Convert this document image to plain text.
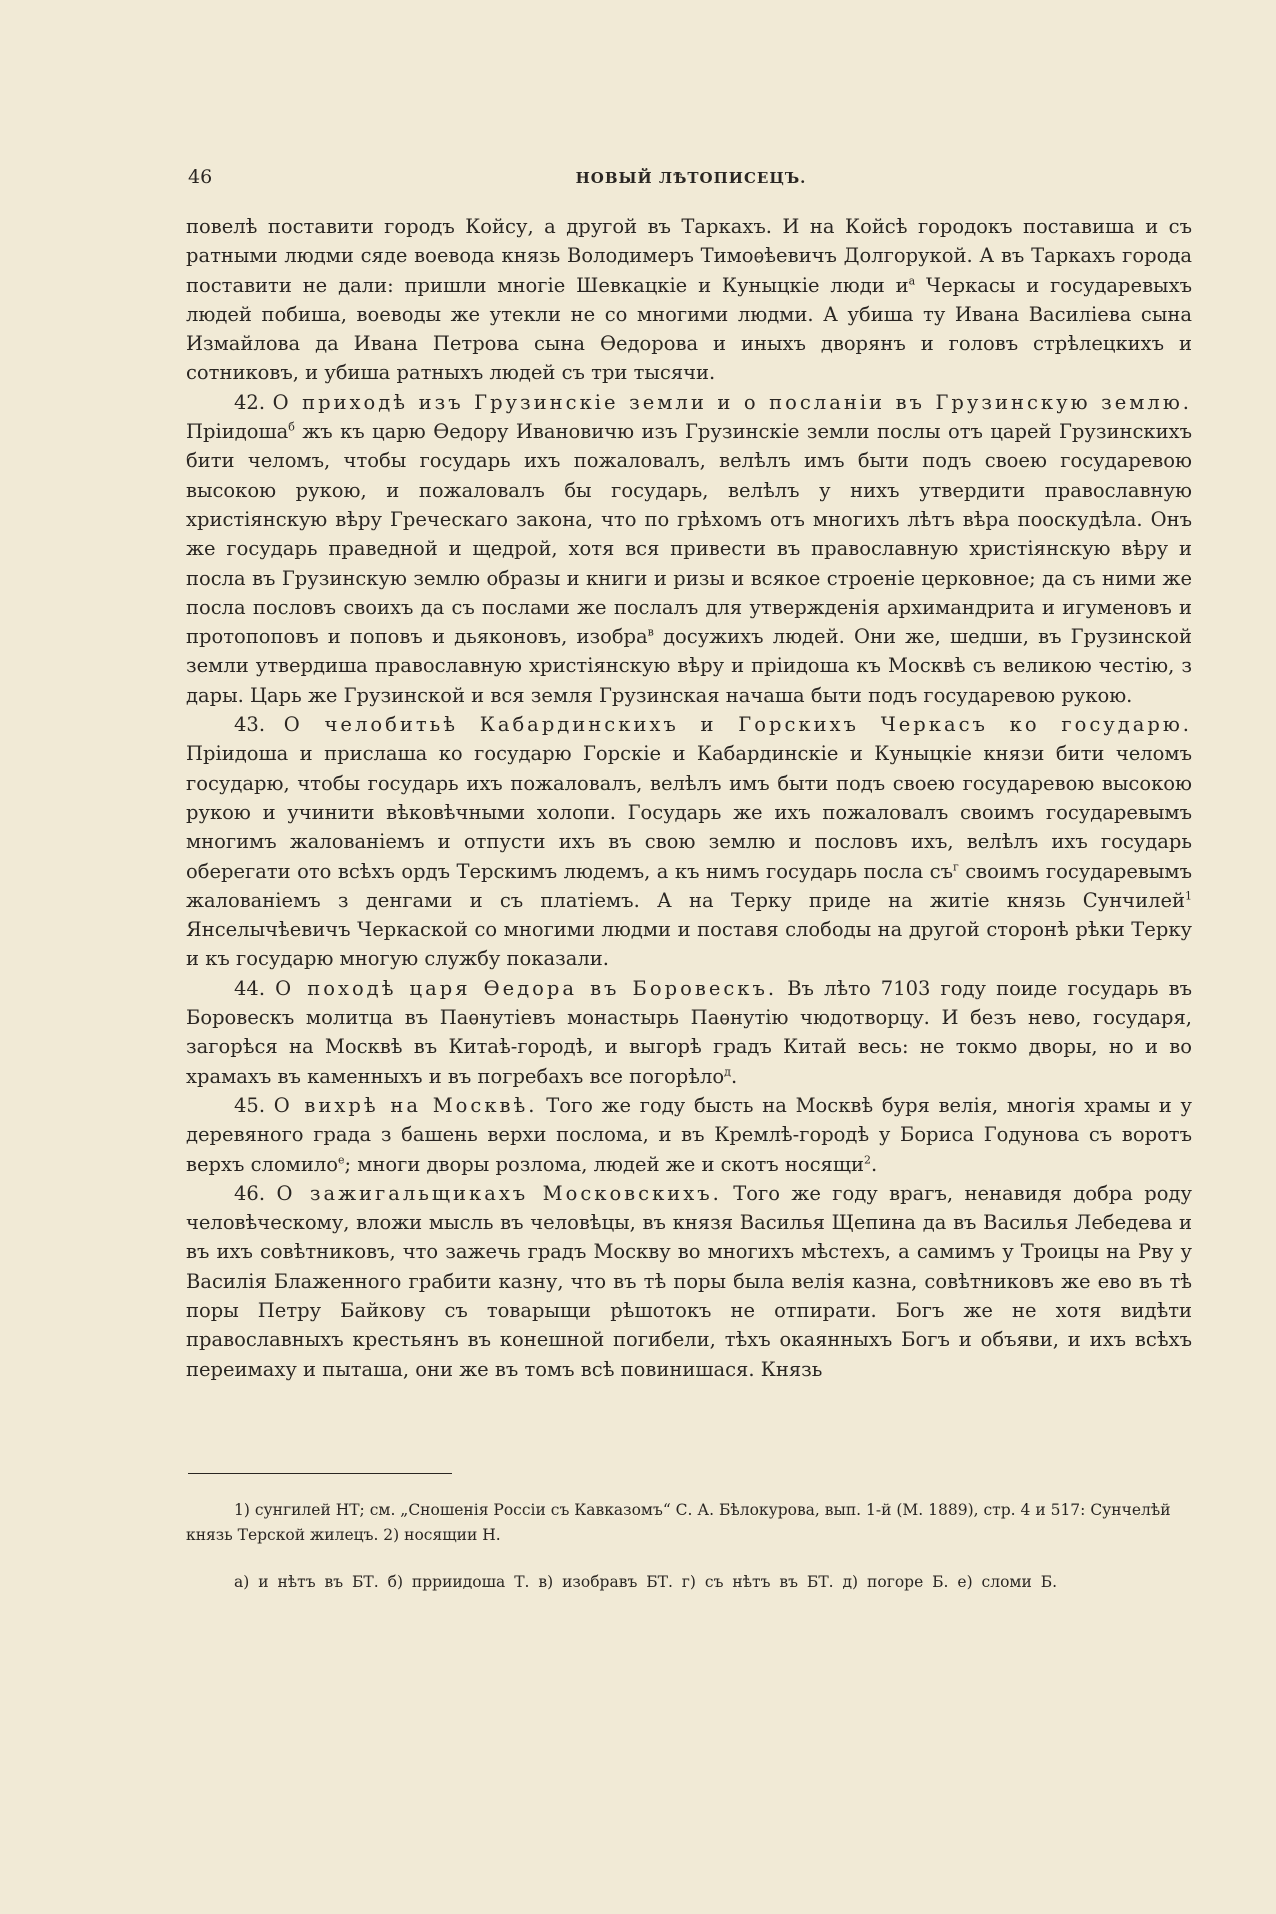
46	НОВЫЙ ЛѢТОПИСЕЦЪ.

повелѣ поставити городъ Койсу, а другой въ Таркахъ. И на Койсѣ городокъ поставиша и съ ратными людми сяде воевода князь Володимеръ Тимоѳѣевичъ Долгорукой. А въ Таркахъ города поставити не дали: пришли многіе Шевкацкіе и Куныцкіе люди $и^а$ Черкасы и государевыхъ людей побиша, воеводы же утекли не со многими людми. А убиша ту Ивана Василіева сына Измайлова да Ивана Петрова сына Ѳедорова и иныхъ дворянъ и головъ стрѣлецкихъ и сотниковъ, и убиша ратныхъ людей съ три тысячи.

42. О приходѣ изъ Грузинскіе земли и о посланіи въ Грузинскую землю. Пріидоша$^б$ жъ къ царю Ѳедору Ивановичю изъ Грузинскіе земли послы отъ царей Грузинскихъ бити челомъ, чтобы государь ихъ пожаловалъ, велѣлъ имъ быти подъ своею государевою высокою рукою, и пожаловалъ бы государь, велѣлъ у нихъ утвердити православную христіянскую вѣру Греческаго закона, что по грѣхомъ отъ многихъ лѣтъ вѣра пооскудѣла. Онъ же государь праведной и щедрой, хотя вся привести въ православную христіянскую вѣру и посла въ Грузинскую землю образы и книги и ризы и всякое строеніе церковное; да съ ними же посла пословъ своихъ да съ послами же послалъ для утвержденія архимандрита и игуменовъ и протопоповъ и поповъ и дьяконовъ, изобра$^в$ досужихъ людей. Они же, шедши, въ Грузинской земли утвердиша православную христіянскую вѣру и пріидоша къ Москвѣ съ великою честію, з дары. Царь же Грузинской и вся земля Грузинская начаша быти подъ государевою рукою.

43. О челобитьѣ Кабардинскихъ и Горскихъ Черкасъ ко государю. Пріидоша и прислаша ко государю Горскіе и Кабардинскіе и Куныцкіе князи бити челомъ государю, чтобы государь ихъ пожаловалъ, велѣлъ имъ быти подъ своею государевою высокою рукою и учинити вѣковѣчными холопи. Государь же ихъ пожаловалъ своимъ государевымъ многимъ жалованіемъ и отпусти ихъ въ свою землю и пословъ ихъ, велѣлъ ихъ государь оберегати ото всѣхъ ордъ Терскимъ людемъ, а къ нимъ государь посла $съ^г$ своимъ государевымъ жалованіемъ з денгами и съ платіемъ. А на Терку приде на житіе князь Сунчилей$^1$ Янселычѣевичъ Черкаской со многими людми и поставя слободы на другой сторонѣ рѣки Терку и къ государю многую службу показали.

44. О походѣ царя Ѳедора въ Боровескъ. Въ лѣто 7103 году поиде государь въ Боровескъ молитца въ Паѳнутіевъ монастырь Паѳнутію чюдотворцу. И безъ нево, государя, загорѣся на Москвѣ въ Китаѣ-городѣ, и выгорѣ градъ Китай весь: не токмо дворы, но и во храмахъ въ каменныхъ и въ погребахъ все погорѣло$^д$.

45. О вихрѣ на Москвѣ. Того же году бысть на Москвѣ буря велія, многія храмы и у деревяного града з башень верхи послома, и въ Кремлѣ-городѣ у Бориса Годунова съ воротъ верхъ сломило$^е$; многи дворы розлома, людей же и скотъ носящи$^2$.

46. О зажигальщикахъ Московскихъ. Того же году врагъ, ненавидя добра роду человѣческому, вложи мысль въ человѣцы, въ князя Василья Щепина да въ Василья Лебедева и въ ихъ совѣтниковъ, что зажечь градъ Москву во многихъ мѣстехъ, а самимъ у Троицы на Рву у Василія Блаженного грабити казну, что въ тѣ поры была велія казна, совѣтниковъ же ево въ тѣ поры Петру Байкову съ товарыщи рѣшотокъ не отпирати. Богъ же не хотя видѣти православныхъ крестьянъ въ конешной погибели, тѣхъ окаянныхъ Богъ и объяви, и ихъ всѣхъ переимаху и пыташа, они же въ томъ всѣ повинишася. Князь

1) сунгилей НТ; см. „Сношенія Россіи съ Кавказомъ“ С. А. Бѣлокурова, вып. 1-й (М. 1889), стр. 4 и 517: Сунчелѣй князь Терской жилецъ. 2) носящии Н.

а) и нѣтъ въ БТ. б) прриидоша Т. в) изобравъ БТ. г) съ нѣтъ въ БТ. д) погоре Б. е) сломи Б.
